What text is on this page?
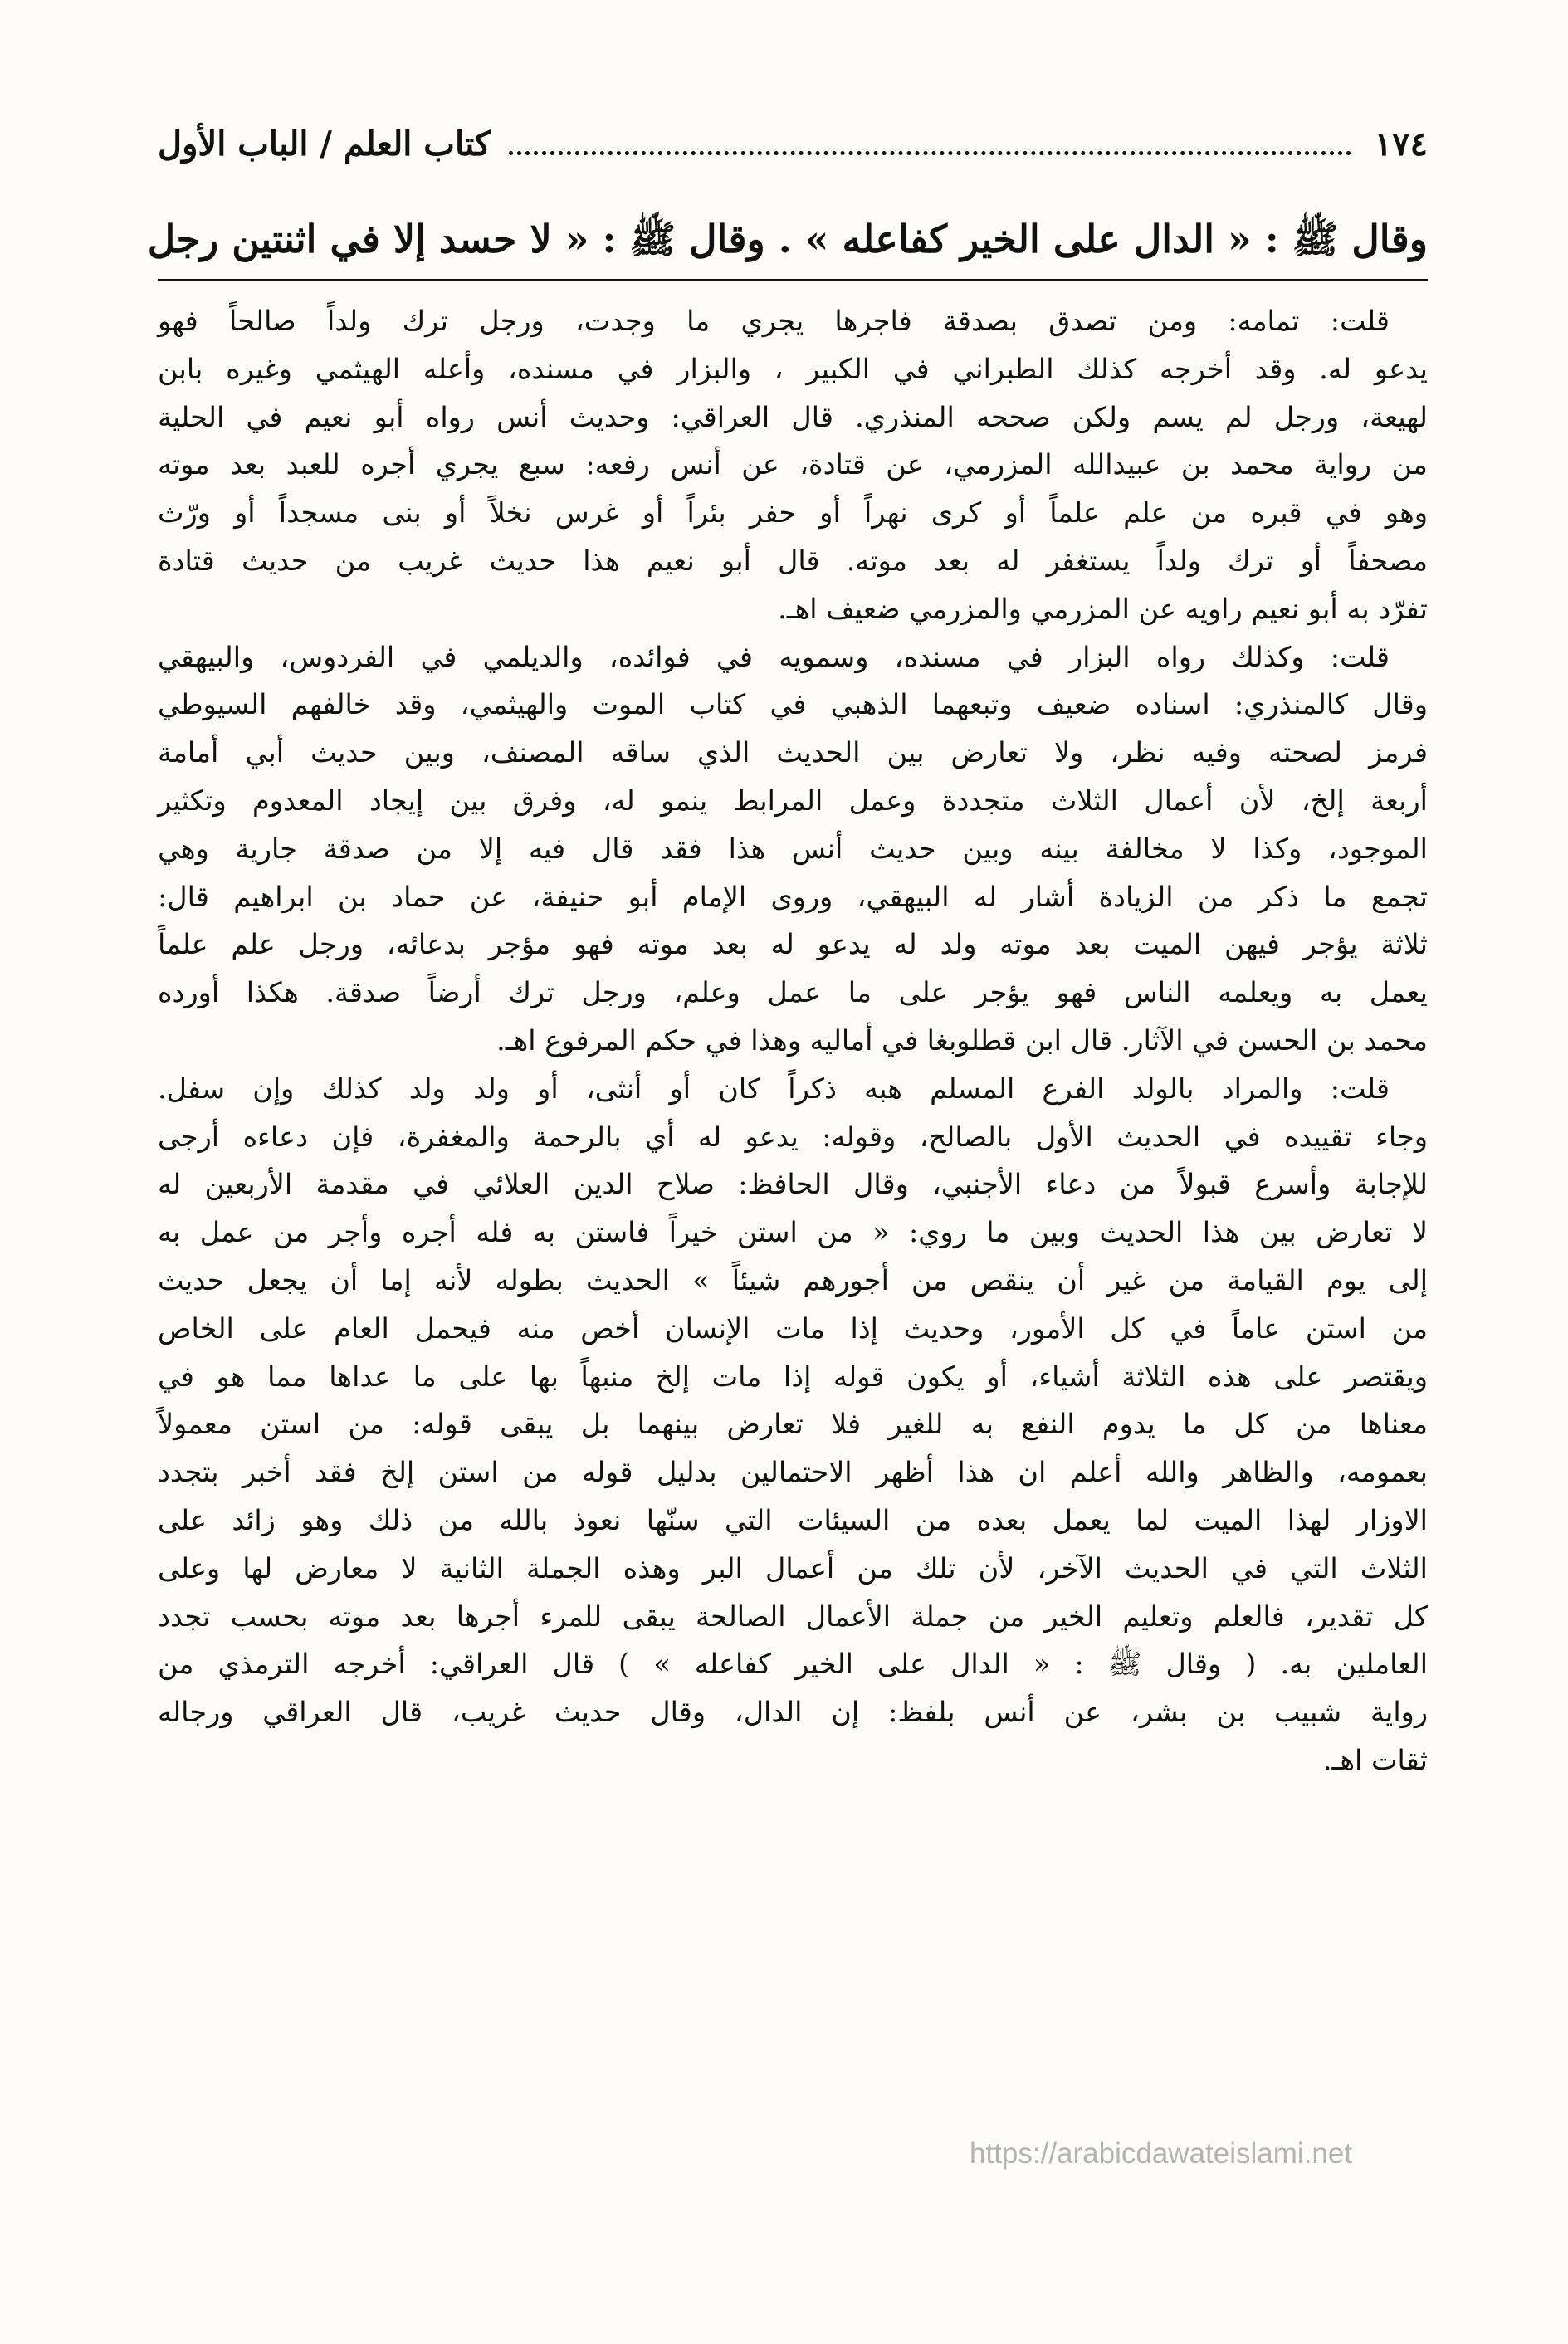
١٧٤
كتاب العلم / الباب الأول
وقال ﷺ : « الدال على الخير كفاعله » . وقال ﷺ : « لا حسد إلا في اثنتين رجل

قلت: تمامه: ومن تصدق بصدقة فاجرها يجري ما وجدت، ورجل ترك ولداً صالحاً فهو
يدعو له. وقد أخرجه كذلك الطبراني في الكبير ، والبزار في مسنده، وأعله الهيثمي وغيره بابن
لهيعة، ورجل لم يسم ولكن صححه المنذري. قال العراقي: وحديث أنس رواه أبو نعيم في الحلية
من رواية محمد بن عبيدالله المزرمي، عن قتادة، عن أنس رفعه: سبع يجري أجره للعبد بعد موته
وهو في قبره من علم علماً أو كرى نهراً أو حفر بئراً أو غرس نخلاً أو بنى مسجداً أو ورّث
مصحفاً أو ترك ولداً يستغفر له بعد موته. قال أبو نعيم هذا حديث غريب من حديث قتادة
تفرّد به أبو نعيم راويه عن المزرمي والمزرمي ضعيف اهـ.

قلت: وكذلك رواه البزار في مسنده، وسمويه في فوائده، والديلمي في الفردوس، والبيهقي
وقال كالمنذري: اسناده ضعيف وتبعهما الذهبي في كتاب الموت والهيثمي، وقد خالفهم السيوطي
فرمز لصحته وفيه نظر، ولا تعارض بين الحديث الذي ساقه المصنف، وبين حديث أبي أمامة
أربعة إلخ، لأن أعمال الثلاث متجددة وعمل المرابط ينمو له، وفرق بين إيجاد المعدوم وتكثير
الموجود، وكذا لا مخالفة بينه وبين حديث أنس هذا فقد قال فيه إلا من صدقة جارية وهي
تجمع ما ذكر من الزيادة أشار له البيهقي، وروى الإمام أبو حنيفة، عن حماد بن ابراهيم قال:
ثلاثة يؤجر فيهن الميت بعد موته ولد له يدعو له بعد موته فهو مؤجر بدعائه، ورجل علم علماً
يعمل به ويعلمه الناس فهو يؤجر على ما عمل وعلم، ورجل ترك أرضاً صدقة. هكذا أورده
محمد بن الحسن في الآثار. قال ابن قطلوبغا في أماليه وهذا في حكم المرفوع اهـ.

قلت: والمراد بالولد الفرع المسلم هبه ذكراً كان أو أنثى، أو ولد ولد كذلك وإن سفل.
وجاء تقييده في الحديث الأول بالصالح، وقوله: يدعو له أي بالرحمة والمغفرة، فإن دعاءه أرجى
للإجابة وأسرع قبولاً من دعاء الأجنبي، وقال الحافظ: صلاح الدين العلائي في مقدمة الأربعين له
لا تعارض بين هذا الحديث وبين ما روي: « من استن خيراً فاستن به فله أجره وأجر من عمل به
إلى يوم القيامة من غير أن ينقص من أجورهم شيئاً » الحديث بطوله لأنه إما أن يجعل حديث
من استن عاماً في كل الأمور، وحديث إذا مات الإنسان أخص منه فيحمل العام على الخاص
ويقتصر على هذه الثلاثة أشياء، أو يكون قوله إذا مات إلخ منبهاً بها على ما عداها مما هو في
معناها من كل ما يدوم النفع به للغير فلا تعارض بينهما بل يبقى قوله: من استن معمولاً
بعمومه، والظاهر والله أعلم ان هذا أظهر الاحتمالين بدليل قوله من استن إلخ فقد أخبر بتجدد
الاوزار لهذا الميت لما يعمل بعده من السيئات التي سنّها نعوذ بالله من ذلك وهو زائد على
الثلاث التي في الحديث الآخر، لأن تلك من أعمال البر وهذه الجملة الثانية لا معارض لها وعلى
كل تقدير، فالعلم وتعليم الخير من جملة الأعمال الصالحة يبقى للمرء أجرها بعد موته بحسب تجدد
العاملين به. ( وقال ﷺ : « الدال على الخير كفاعله » ) قال العراقي: أخرجه الترمذي من
رواية شبيب بن بشر، عن أنس بلفظ: إن الدال، وقال حديث غريب، قال العراقي ورجاله
ثقات اهـ.

https://arabicdawateislami.net
